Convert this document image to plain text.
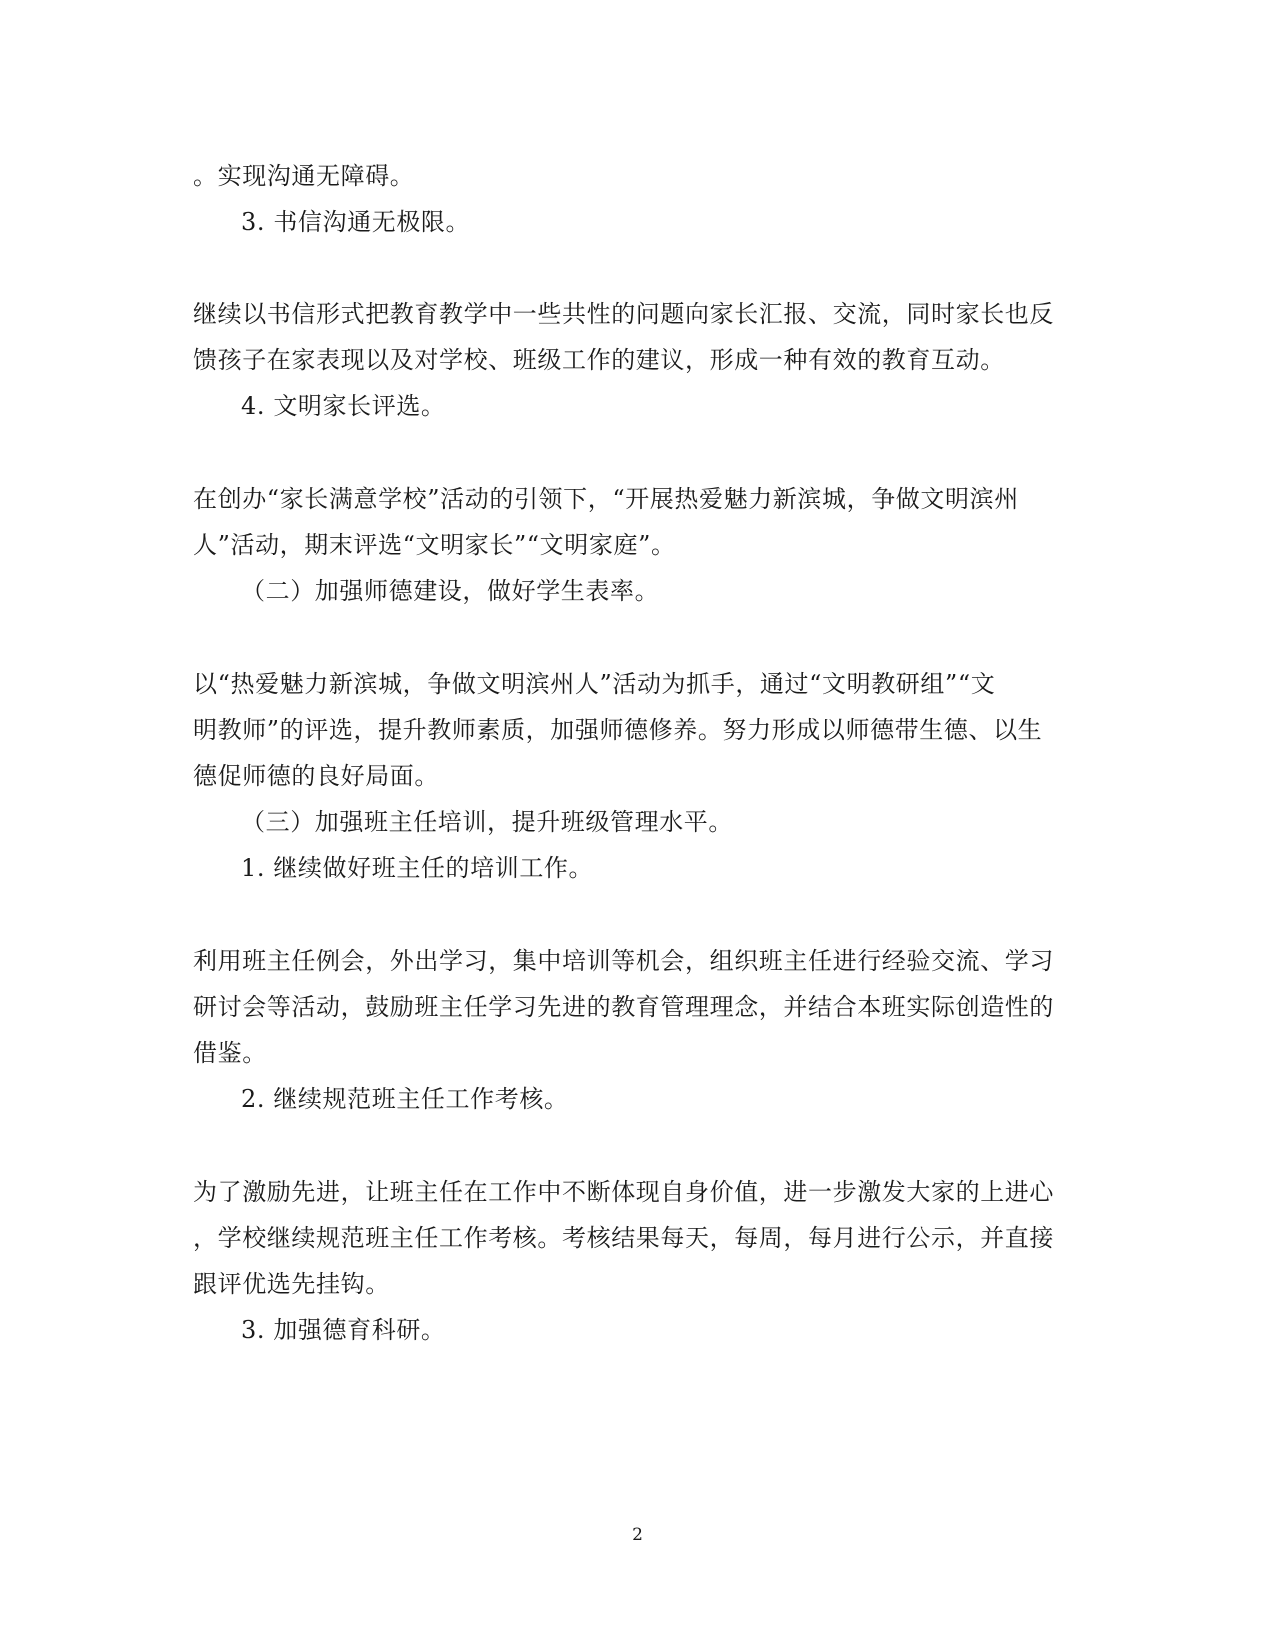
。实现沟通无障碍。
3. 书信沟通无极限。
继续以书信形式把教育教学中一些共性的问题向家长汇报、交流，同时家长也反
馈孩子在家表现以及对学校、班级工作的建议，形成一种有效的教育互动。
4. 文明家长评选。
在创办“家长满意学校”活动的引领下，“开展热爱魅力新滨城，争做文明滨州
人”活动，期末评选“文明家长”“文明家庭”。
（二）加强师德建设，做好学生表率。
以“热爱魅力新滨城，争做文明滨州人”活动为抓手，通过“文明教研组”“文
明教师”的评选，提升教师素质，加强师德修养。努力形成以师德带生德、以生
德促师德的良好局面。
（三）加强班主任培训，提升班级管理水平。
1. 继续做好班主任的培训工作。
利用班主任例会，外出学习，集中培训等机会，组织班主任进行经验交流、学习
研讨会等活动，鼓励班主任学习先进的教育管理理念，并结合本班实际创造性的
借鉴。
2. 继续规范班主任工作考核。
为了激励先进，让班主任在工作中不断体现自身价值，进一步激发大家的上进心
，学校继续规范班主任工作考核。考核结果每天，每周，每月进行公示，并直接
跟评优选先挂钩。
3. 加强德育科研。
2
